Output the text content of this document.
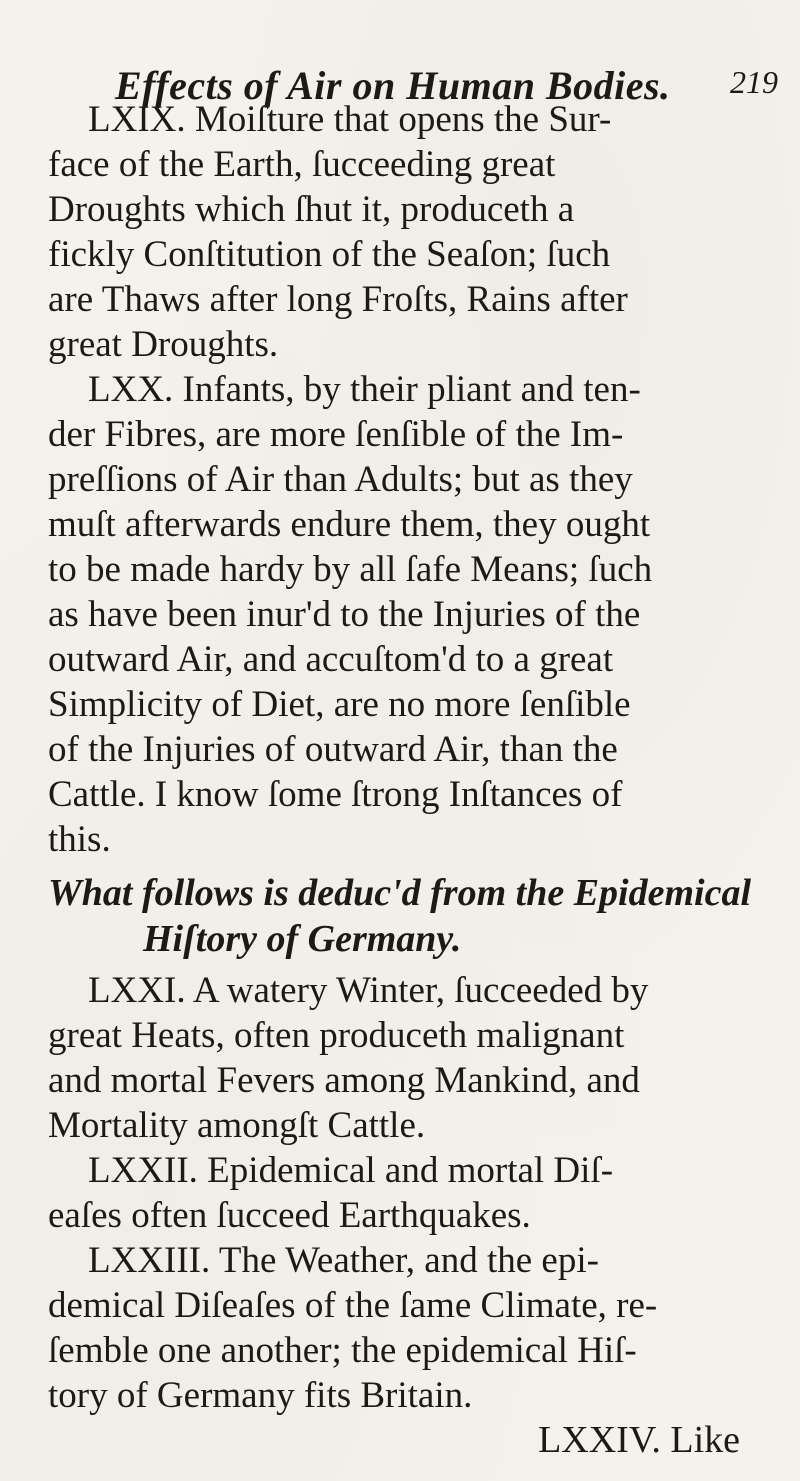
Effects of Air on Human Bodies. 219
LXIX. Moiſture that opens the Sur-
face of the Earth, ſucceeding great
Droughts which ſhut it, produceth a
fickly Conſtitution of the Seaſon; ſuch
are Thaws after long Froſts, Rains after
great Droughts.
LXX. Infants, by their pliant and ten-
der Fibres, are more ſenſible of the Im-
preſſions of Air than Adults; but as they
muſt afterwards endure them, they ought
to be made hardy by all ſafe Means; ſuch
as have been inur'd to the Injuries of the
outward Air, and accuſtom'd to a great
Simplicity of Diet, are no more ſenſible
of the Injuries of outward Air, than the
Cattle. I know ſome ſtrong Inſtances of
this.
What follows is deduc'd from the Epidemical
Hiſtory of Germany.
LXXI. A watery Winter, ſucceeded by
great Heats, often produceth malignant
and mortal Fevers among Mankind, and
Mortality amongſt Cattle.
LXXII. Epidemical and mortal Diſ-
eaſes often ſucceed Earthquakes.
LXXIII. The Weather, and the epi-
demical Diſeaſes of the ſame Climate, re-
ſemble one another; the epidemical Hiſ-
tory of Germany fits Britain.
LXXIV. Like
